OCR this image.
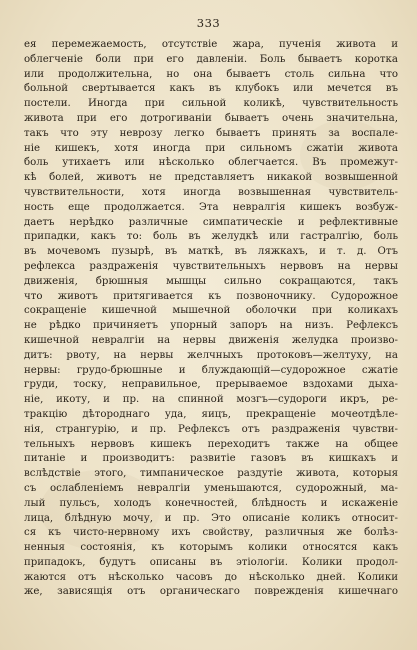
333
ея перемежаемость, отсутствіе жара, пученія живота и
облегченіе боли при его давленіи. Боль бываетъ коротка
или продолжительна, но она бываетъ столь сильна что
больной свертывается какъ въ клубокъ или мечется въ
постели. Иногда при сильной коликѣ, чувствительность
живота при его дотрогиваніи бываетъ очень значительна,
такъ что эту неврозу легко бываетъ принять за воспале-
ніе кишекъ, хотя иногда при сильномъ сжатіи живота
боль утихаетъ или нѣсколько облегчается. Въ промежут-
кѣ болей, животъ не представляетъ никакой возвышенной
чувствительности, хотя иногда возвышенная чувствитель-
ность еще продолжается. Эта невралгія кишекъ возбуж-
даетъ нерѣдко различные симпатическіе и рефлективные
припадки, какъ то: боль въ желудкѣ или гастралгію, боль
въ мочевомъ пузырѣ, въ маткѣ, въ ляжкахъ, и т. д. Отъ
рефлекса раздраженія чувствительныхъ нервовъ на нервы
движенія, брюшныя мышцы сильно сокращаются, такъ
что животъ притягивается къ позвоночнику. Судорожное
сокращеніе кишечной мышечной оболочки при коликахъ
не рѣдко причиняетъ упорный запоръ на низъ. Рефлексъ
кишечной невралгіи на нервы движенія желудка произво-
дитъ: рвоту, на нервы желчныхъ протоковъ—желтуху, на
нервы: грудо-брюшные и блуждающій—судорожное сжатіе
груди, тоску, неправильное, прерываемое вздохами дыха-
ніе, икоту, и пр. на спинной мозгъ—судороги икръ, ре-
тракцію дѣтороднаго уда, яицъ, прекращеніе мочеотдѣле-
нія, странгурію, и пр. Рефлексъ отъ раздраженія чувстви-
тельныхъ нервовъ кишекъ переходитъ также на общее
питаніе и производитъ: развитіе газовъ въ кишкахъ и
вслѣдствіе этого, тимпаническое раздутіе живота, которыя
съ ослабленіемъ невралгіи уменьшаются, судорожный, ма-
лый пульсъ, холодъ конечностей, блѣдность и искаженіе
лица, блѣдную мочу, и пр. Это описаніе коликъ относит-
ся къ чисто-нервному ихъ свойству, различныя же болѣз-
ненныя состоянія, къ которымъ колики относятся какъ
припадокъ, будутъ описаны въ этіологіи. Колики продол-
жаются отъ нѣсколько часовъ до нѣсколько дней. Колики
же, зависящія отъ органическаго поврежденія кишечнаго
